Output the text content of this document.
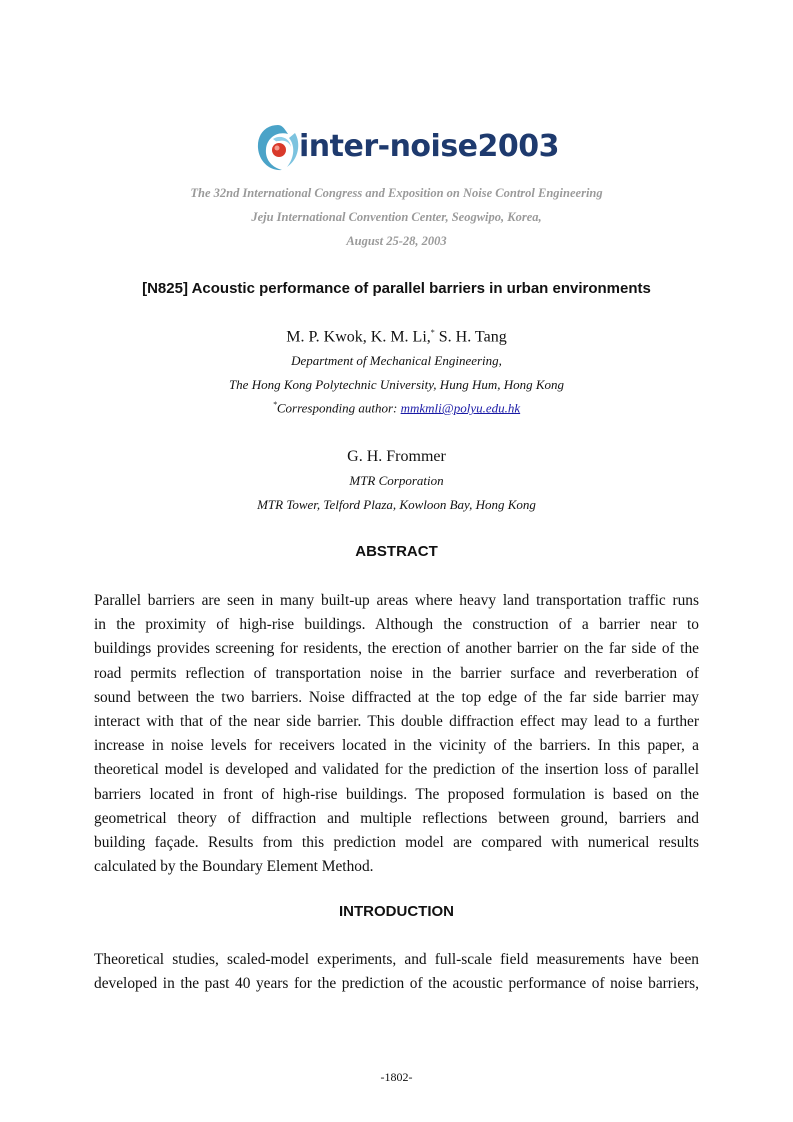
inter-noise2003
The 32nd International Congress and Exposition on Noise Control Engineering
Jeju International Convention Center, Seogwipo, Korea,
August 25-28, 2003
[N825] Acoustic performance of parallel barriers in urban environments
M. P. Kwok, K. M. Li,* S. H. Tang
Department of Mechanical Engineering,
The Hong Kong Polytechnic University, Hung Hum, Hong Kong
*Corresponding author: mmkmli@polyu.edu.hk
G. H. Frommer
MTR Corporation
MTR Tower, Telford Plaza, Kowloon Bay, Hong Kong
ABSTRACT
Parallel barriers are seen in many built-up areas where heavy land transportation traffic runs
in the proximity of high-rise buildings. Although the construction of a barrier near to
buildings provides screening for residents, the erection of another barrier on the far side of the
road permits reflection of transportation noise in the barrier surface and reverberation of
sound between the two barriers. Noise diffracted at the top edge of the far side barrier may
interact with that of the near side barrier. This double diffraction effect may lead to a further
increase in noise levels for receivers located in the vicinity of the barriers. In this paper, a
theoretical model is developed and validated for the prediction of the insertion loss of parallel
barriers located in front of high-rise buildings. The proposed formulation is based on the
geometrical theory of diffraction and multiple reflections between ground, barriers and
building façade. Results from this prediction model are compared with numerical results
calculated by the Boundary Element Method.
INTRODUCTION
Theoretical studies, scaled-model experiments, and full-scale field measurements have been
developed in the past 40 years for the prediction of the acoustic performance of noise barriers,
-1802-
